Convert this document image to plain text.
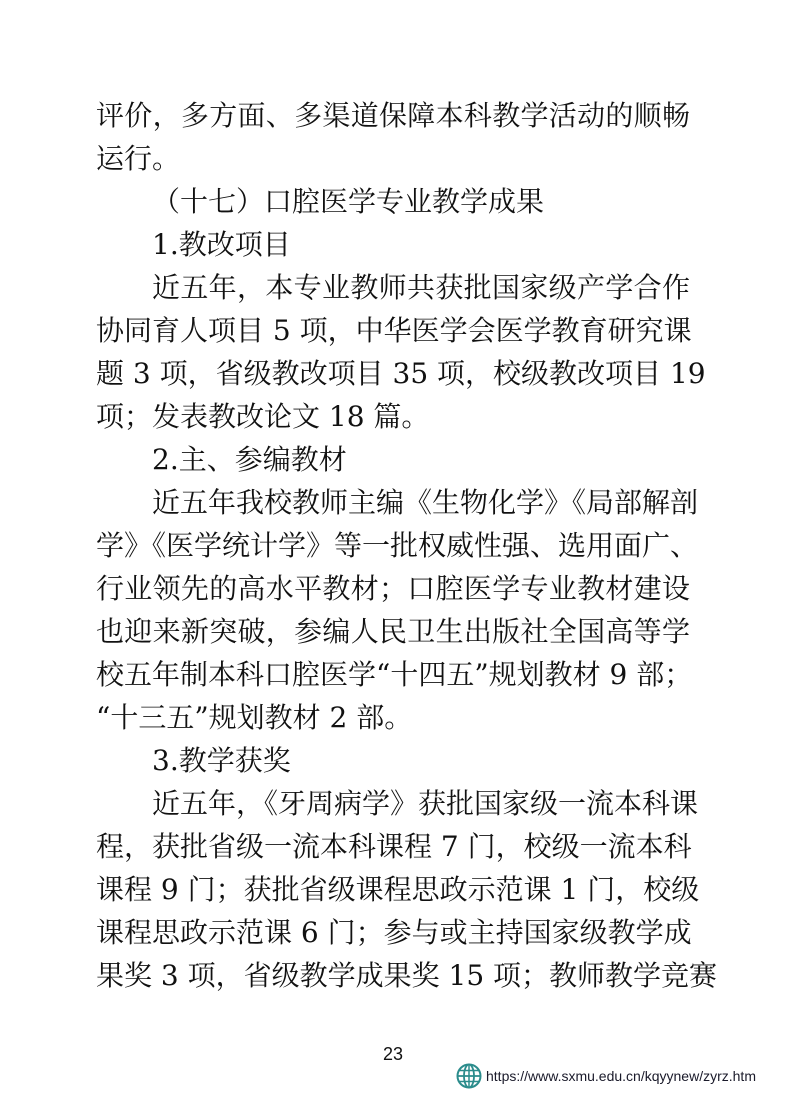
评价，多方面、多渠道保障本科教学活动的顺畅
运行。
（十七）口腔医学专业教学成果
1.教改项目
近五年，本专业教师共获批国家级产学合作
协同育人项目 5 项，中华医学会医学教育研究课
题 3 项，省级教改项目 35 项，校级教改项目 19
项；发表教改论文 18 篇。
2.主、参编教材
近五年我校教师主编《生物化学》《局部解剖
学》《医学统计学》等一批权威性强、选用面广、
行业领先的高水平教材；口腔医学专业教材建设
也迎来新突破，参编人民卫生出版社全国高等学
校五年制本科口腔医学“十四五”规划教材 9 部；
“十三五”规划教材 2 部。
3.教学获奖
近五年，《牙周病学》获批国家级一流本科课
程，获批省级一流本科课程 7 门，校级一流本科
课程 9 门；获批省级课程思政示范课 1 门，校级
课程思政示范课 6 门；参与或主持国家级教学成
果奖 3 项，省级教学成果奖 15 项；教师教学竞赛
23
https://www.sxmu.edu.cn/kqyynew/zyrz.htm
